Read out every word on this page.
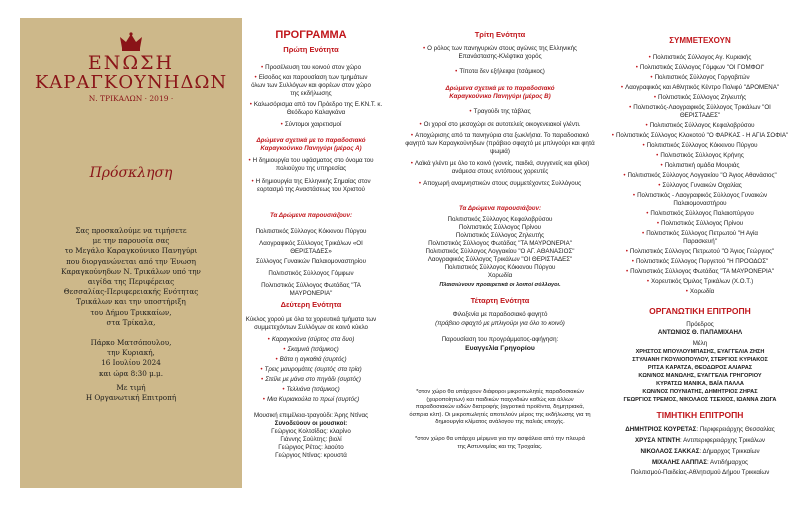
ΕΝΩΣΗ
ΚΑΡΑΓΚΟΥΝΗΔΩΝ
Ν. ΤΡΙΚΑΛΩΝ · 2019 ·
Πρόσκληση
Σας προσκαλούμε να τιμήσετε
με την παρουσία σας
το Μεγάλο Καραγκούνικο Πανηγύρι
που διοργανώνεται από την Ένωση
Καραγκούνηδων Ν. Τρικάλων υπό την
αιγίδα της Περιφέρειας
Θεσσαλίας-Περιφερειακής Ενότητας
Τρικάλων και την υποστήριξη
του Δήμου Τρικκαίων,
στα Τρίκαλα,
Πάρκο Ματσόπουλου,
την Κυριακή,
16 Ιουλίου 2024
και ώρα 8:30 μ.μ.
Με τιμή
Η Οργανωτική Επιτροπή
ΠΡΟΓΡΑΜΜΑ
Πρώτη Ενότητα
• Προσέλευση του κοινού στον χώρο
• Είσοδος και παρουσίαση των τμημάτων όλων των Συλλόγων και φορέων στον χώρο της εκδήλωσης
• Καλωσόρισμα από τον Πρόεδρο της Ε.ΚΝ.Τ. κ. Θεόδωρο Καλαγκάνα
• Σύντομοι χαιρετισμοί
Δρώμενα σχετικά με το παραδοσιακό Καραγκούνικο Πανηγύρι (μέρος Α)
• Η δημιουργία του υφάσματος στο όνομα του πολιούχου της υπηρεσίας
• Η δημιουργία της Ελληνικής Σημαίας στον εορτασμό της Αναστάσεως του Χριστού
Τα Δρώμενα παρουσιάζουν:
Πολιτιστικός Σύλλογος Κόκκινου Πύργου
Λαογραφικός Σύλλογος Τρικάλων «ΟΙ ΘΕΡΙΣΤΑΔΕΣ»
Σύλλογος Γυναικών Παλαιομοναστηρίου
Πολιτιστικός Σύλλογος Γόμφων
Πολιτιστικός Σύλλογος Φωτάδας "ΤΑ ΜΑΥΡΟΝΕΡΙΑ"
Δεύτερη Ενότητα
Κύκλος χορού με όλα τα χορευτικά τμήματα των συμμετεχόντων Συλλόγων σε κοινό κύκλο
• Καραγκούνα (σύρτος στα δυο)
• Σκαμνιά (τσάμικος)
• Βάτα η αγκαθιά (συρτός)
• Τρεις μαυρομάτες (συρτός στα τρία)
• Στείλε με μάνα στο πηγάδι (συρτός)
• Τελλιάνα (τσάμικος)
• Μια Κυριακούλα το πρωί (συρτός)
Μουσική επιμέλεια-τραγούδι: Άρης Ντίνας
Συνοδεύουν οι μουσικοί:
Γεώργιος Κολτσίδας: κλαρίνο
Γιάννης Σούλτης: βιολί
Γεώργιος Ρέτος: λαούτο
Γεώργιος Ντίνας: κρουστά
Τρίτη Ενότητα
• Ο ρόλος των πανηγυριών στους αγώνες της Ελληνικής Επανάστασης-Κλέφτικα χορός
• Τίποτα δεν εξήλειψα (τσάμικος)
Δρώμενα σχετικά με το παραδοσιακό Καραγκούνικο Πανηγύρι (μέρος Β)
• Τραγούδι της τάβλας
• Οι χοροί στο μεσοχώρι σε αυτοτελείς οικογενειακοί γλέντι.
• Αποχώρισης από τα πανηγύρια στα ξωκλήσια. Το παραδοσιακό φαγητό των Καραγκούνηδων (πράβειο σφαχτό με μπλιγούρι και φητά ψωμιά)
• Λαϊκά γλέντι με όλο το κοινό (γονείς, παιδιά, συγγενείς και φίλοι) ανάμεσα στους εντόπιους χορευτές
• Αποχωρή αναμνηστικών στους συμμετέχοντες Συλλόγους
Τα Δρώμενα παρουσιάζουν:
Πολιτιστικός Σύλλογος Κεφαλοβρύσου
Πολιτιστικός Σύλλογος Πρίνου
Πολιτιστικός Σύλλογος Ζηλευτής
Πολιτιστικός Σύλλογος Φωτάδας "ΤΑ ΜΑΥΡΟΝΕΡΙΑ"
Πολιτιστικός Σύλλογος Λογγακίου "Ο ΑΓ. ΑΘΑΝΑΣΙΟΣ"
Λαογραφικός Σύλλογος Τρικάλων "ΟΙ ΘΕΡΙΣΤΑΔΕΣ"
Πολιτιστικός Σύλλογος Κόκκινου Πύργου
Χορωδία
Πλαισιώνουν προαιρετικά οι λοιποί σύλλογοι.
Τέταρτη Ενότητα
Φιλοξενία με παραδοσιακό φαγητό
(πράβειο σφαχτό με μπλιγούρι για όλο το κοινό)
Παρουσίαση του προγράμματος-αφήγηση:
Ευαγγελία Γρηγορίου
*στον χώρο θα υπάρχουν διάφοροι μικροπωλητές παραδοσιακών (χειροποίητων) και παιδικών παιχνιδιών καθώς και άλλων παραδοσιακών ειδών διατροφής (αγροτικά προϊόντα, δημητριακά, όσπρια κλπ). Οι μικροπωλητές αποτελούν μέρος της εκδήλωσης για τη δημιουργία κλίματος ανάλογου της παλιάς εποχής.
*στον χώρο θα υπάρχει μέριμνα για την ασφάλεια από την πλευρά της Αστυνομίας και της Τροχαίας.
ΣΥΜΜΕΤΕΧΟΥΝ
• Πολιτιστικός Σύλλογος Αγ. Κυριακής
• Πολιτιστικός Σύλλογος Γόμφων "ΟΙ ΓΟΜΦΟΙ"
• Πολιτιστικός Σύλλογος Γοργοβιτών
• Λαογραφικός και Αθλητικός Κέντρο Πολιφύ "ΔΡΟΜΕΝΑ"
• Πολιτιστικός Σύλλογος Ζηλευτής
• Πολιτιστικός-Λαογραφικός Σύλλογος Τρικάλων "ΟΙ ΘΕΡΙΣΤΑΔΕΣ"
• Πολιτιστικός Σύλλογος Κεφαλοβρύσου
• Πολιτιστικός Σύλλογος Κλοκοτού "Ο ΦΑΡΚΑΣ - Η ΑΓΙΑ ΣΟΦΙΑ"
• Πολιτιστικός Σύλλογος Κόκκινου Πύργου
• Πολιτιστικός Σύλλογος Κρήνης
• Πολιτιστική ομάδα Μουριάς
• Πολιτιστικός Σύλλογος Λογγακίου "Ο Άγιος Αθανάσιος"
• Σύλλογος Γυναικών Οιχαλίας
• Πολιτιστικός - Λαογραφικός Σύλλογος Γυναικών Παλαιομοναστήρου
• Πολιτιστικός Σύλλογος Παλαιοπύργου
• Πολιτιστικός Σύλλογος Πρίνου
• Πολιτιστικός Σύλλογος Πετρωτού "Η Αγία Παρασκευή"
• Πολιτιστικός Σύλλογος Πετρωτού "Ο Άγιος Γεώργιος"
• Πολιτιστικός Σύλλογος Πυργετού "Η ΠΡΟΟΔΟΣ"
• Πολιτιστικός Σύλλογος Φωτάδας "ΤΑ ΜΑΥΡΟΝΕΡΙΑ"
• Χορευτικός Όμιλος Τρικάλων (Χ.Ο.Τ.)
• Χορωδία
ΟΡΓΑΝΩΤΙΚΗ ΕΠΙΤΡΟΠΗ
Πρόεδρος
ΑΝΤΩΝΙΟΣ Θ. ΠΑΠΑΜΙΧΑΗΛ
Μέλη
ΧΡΗΣΤΟΣ ΜΠΟΥΛΟΥΜΠΑΣΗΣ, ΕΥΑΓΓΕΛΙΑ ΖΗΣΗ
ΣΤΥΛΙΑΝΗ ΓΚΟΥΛΙΟΠΟΥΛΟΥ, ΣΤΕΡΓΙΟΣ ΚΥΡΙΑΚΟΣ
ΡΙΤΣΑ ΚΑΡΑΤΖΑ, ΘΕΟΔΩΡΟΣ ΑΛΙΑΡΑΣ
ΚΩΝ/ΝΟΣ ΜΑΝΩΛΗΣ, ΕΥΑΓΓΕΛΙΑ ΓΡΗΓΟΡΙΟΥ
ΚΥΡΑΤΣΩ ΜΑΝΙΚΑ, ΒΑΪΑ ΠΑΛΛΑ
ΚΩΝ/ΝΟΣ ΠΟΥΝΙΑΤΗΣ, ΔΗΜΗΤΡΙΟΣ ΖΗΡΑΣ
ΓΕΩΡΓΙΟΣ ΤΡΕΜΟΣ, ΝΙΚΟΛΑΟΣ ΤΣΕΧΙΟΣ, ΙΩΑΝΝΑ ΖΙΩΓΑ
ΤΙΜΗΤΙΚΗ ΕΠΙΤΡΟΠΗ
ΔΗΜΗΤΡΙΟΣ ΚΟΥΡΕΤΑΣ: Περιφερειάρχης Θεσσαλίας
ΧΡΥΣΑ ΝΤΙΝΤΗ: Αντιπεριφερειάρχης Τρικάλων
ΝΙΚΟΛΑΟΣ ΣΑΚΚΑΣ: Δήμαρχος Τρικκαίων
ΜΙΧΑΛΗΣ ΛΑΠΠΑΣ: Αντιδήμαρχος
Πολιτισμού-Παιδείας-Αθλητισμού Δήμου Τρικκαίων
